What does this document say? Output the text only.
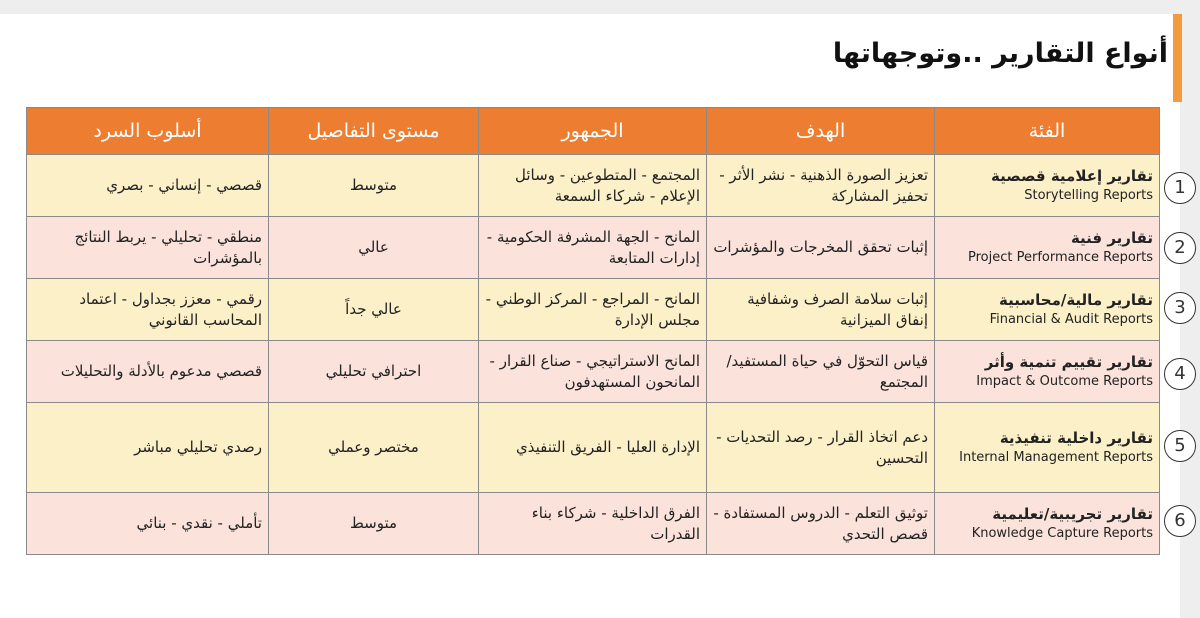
أنواع التقارير ..وتوجهاتها
الفئة	الهدف	الجمهور	مستوى التفاصيل	أسلوب السرد

تقارير إعلامية قصصية
Storytelling Reports	تعزيز الصورة الذهنية - نشر الأثر - تحفيز المشاركة	المجتمع - المتطوعين - وسائل الإعلام - شركاء السمعة	متوسط	قصصي - إنساني - بصري

تقارير فنية
Project Performance Reports	إثبات تحقق المخرجات والمؤشرات	المانح - الجهة المشرفة الحكومية - إدارات المتابعة	عالي	منطقي - تحليلي - يربط النتائج بالمؤشرات

تقارير مالية/محاسبية
Financial & Audit Reports	إثبات سلامة الصرف وشفافية إنفاق الميزانية	المانح - المراجع - المركز الوطني - مجلس الإدارة	عالي جداً	رقمي - معزز بجداول - اعتماد المحاسب القانوني

تقارير تقييم تنمية وأثر
Impact & Outcome Reports	قياس التحوّل في حياة المستفيد/المجتمع	المانح الاستراتيجي - صناع القرار - المانحون المستهدفون	احترافي تحليلي	قصصي مدعوم بالأدلة والتحليلات

تقارير داخلية تنفيذية
Internal Management Reports	دعم اتخاذ القرار - رصد التحديات - التحسين	الإدارة العليا - الفريق التنفيذي	مختصر وعملي	رصدي تحليلي مباشر

تقارير تجريبية/تعليمية
Knowledge Capture Reports	توثيق التعلم - الدروس المستفادة - قصص التحدي	الفرق الداخلية - شركاء بناء القدرات	متوسط	تأملي - نقدي - بنائي
1
2
3
4
5
6
